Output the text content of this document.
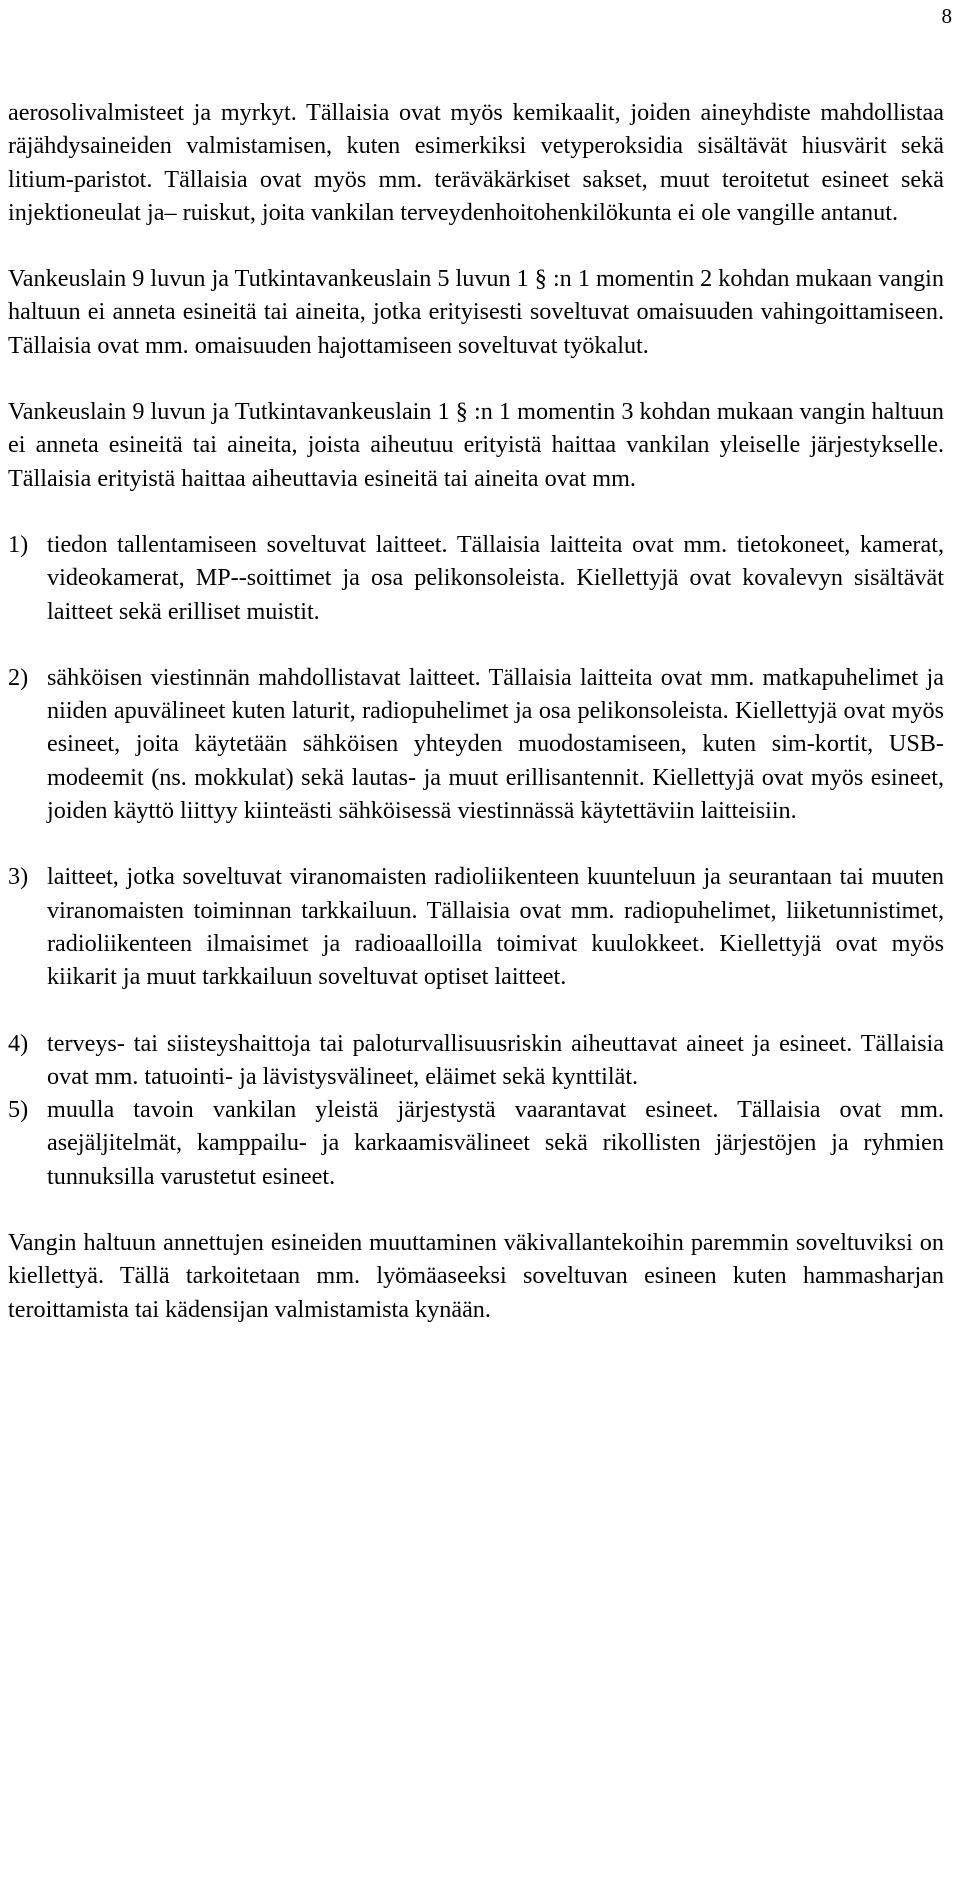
8

aerosolivalmisteet ja myrkyt. Tällaisia ovat myös kemikaalit, joiden aineyhdiste mahdollistaa räjähdysaineiden valmistamisen, kuten esimerkiksi vetyperoksidia sisältävät hiusvärit sekä litium-paristot. Tällaisia ovat myös mm. teräväkärkiset sakset, muut teroitetut esineet sekä injektioneulat ja– ruiskut, joita vankilan terveydenhoitohenkilökunta ei ole vangille antanut.

Vankeuslain 9 luvun ja Tutkintavankeuslain 5 luvun 1 § :n 1 momentin 2 kohdan mukaan vangin haltuun ei anneta esineitä tai aineita, jotka erityisesti soveltuvat omaisuuden vahingoittamiseen. Tällaisia ovat mm. omaisuuden hajottamiseen soveltuvat työkalut.

Vankeuslain 9 luvun ja Tutkintavankeuslain 1 § :n 1 momentin 3 kohdan mukaan vangin haltuun ei anneta esineitä tai aineita, joista aiheutuu erityistä haittaa vankilan yleiselle järjestykselle. Tällaisia erityistä haittaa aiheuttavia esineitä tai aineita ovat mm.

1) tiedon tallentamiseen soveltuvat laitteet. Tällaisia laitteita ovat mm. tietokoneet, kamerat, videokamerat, MP--soittimet ja osa pelikonsoleista. Kiellettyjä ovat kovalevyn sisältävät laitteet sekä erilliset muistit.
2) sähköisen viestinnän mahdollistavat laitteet. Tällaisia laitteita ovat mm. matkapuhelimet ja niiden apuvälineet kuten laturit, radiopuhelimet ja osa pelikonsoleista. Kiellettyjä ovat myös esineet, joita käytetään sähköisen yhteyden muodostamiseen, kuten sim-kortit, USB-modeemit (ns. mokkulat) sekä lautas- ja muut erillisantennit. Kiellettyjä ovat myös esineet, joiden käyttö liittyy kiinteästi sähköisessä viestinnässä käytettäviin laitteisiin.
3) laitteet, jotka soveltuvat viranomaisten radioliikenteen kuunteluun ja seurantaan tai muuten viranomaisten toiminnan tarkkailuun. Tällaisia ovat mm. radiopuhelimet, liiketunnistimet, radioliikenteen ilmaisimet ja radioaalloilla toimivat kuulokkeet. Kiellettyjä ovat myös kiikarit ja muut tarkkailuun soveltuvat optiset laitteet.
4) terveys- tai siisteyshaittoja tai paloturvallisuusriskin aiheuttavat aineet ja esineet. Tällaisia ovat mm. tatuointi- ja lävistysvälineet, eläimet sekä kynttilät.
5) muulla tavoin vankilan yleistä järjestystä vaarantavat esineet. Tällaisia ovat mm. asejäljitelmät, kamppailu- ja karkaamisvälineet sekä rikollisten järjestöjen ja ryhmien tunnuksilla varustetut esineet.

Vangin haltuun annettujen esineiden muuttaminen väkivallantekoihin paremmin soveltuviksi on kiellettyä. Tällä tarkoitetaan mm. lyömäaseeksi soveltuvan esineen kuten hammasharjan teroittamista tai kädensijan valmistamista kynään.
